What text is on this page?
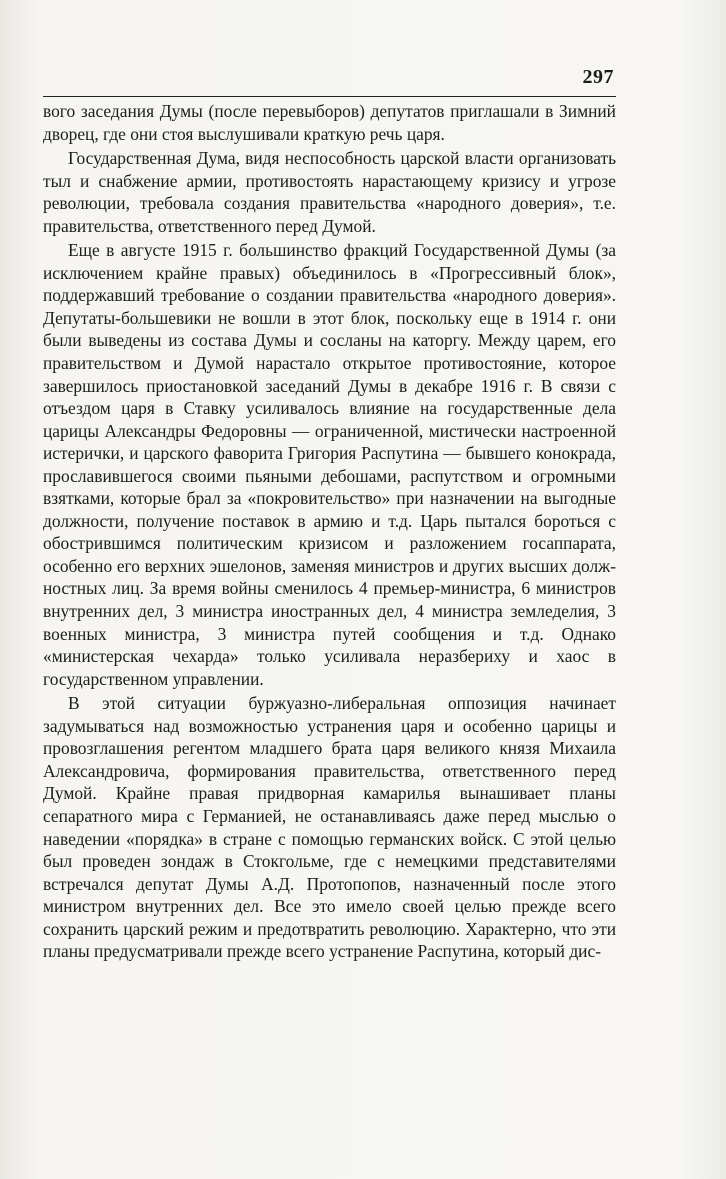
297

вого заседания Думы (после перевыборов) депутатов приглашали в Зимний дворец, где они стоя выслушивали краткую речь царя.

Государственная Дума, видя неспособность царской власти организовать тыл и снабжение армии, противостоять нарастающему кризису и угрозе революции, требовала создания правительства «народного доверия», т.е. правительства, ответственного перед Думой.

Еще в августе 1915 г. большинство фракций Государственной Думы (за исключением крайне правых) объединилось в «Прогрессивный блок», поддержавший требование о создании правительства «народного доверия». Депутаты-большевики не вошли в этот блок, поскольку еще в 1914 г. они были выведены из состава Думы и сосланы на каторгу. Между царем, его правительством и Думой нарастало открытое противостояние, которое завершилось приостановкой заседаний Думы в декабре 1916 г. В связи с отъездом царя в Ставку усиливалось влияние на государственные дела царицы Александры Федоровны — ограниченной, мистически настроенной истерички, и царского фаворита Григория Распутина — бывшего конокрада, прославившегося своими пьяными дебошами, распутством и огромными взятками, которые брал за «покровительство» при назначении на выгодные должности, получение поставок в армию и т.д. Царь пытался бороться с обострившимся политическим кризисом и разложением госаппарата, особенно его верхних эшелонов, заменяя министров и других высших должностных лиц. За время войны сменилось 4 премьер-министра, 6 министров внутренних дел, 3 министра иностранных дел, 4 министра земледелия, 3 военных министра, 3 министра путей сообщения и т.д. Однако «министерская чехарда» только усиливала неразбериху и хаос в государственном управлении.

В этой ситуации буржуазно-либеральная оппозиция начинает задумываться над возможностью устранения царя и особенно царицы и провозглашения регентом младшего брата царя великого князя Михаила Александровича, формирования правительства, ответственного перед Думой. Крайне правая придворная камарилья вынашивает планы сепаратного мира с Германией, не останавливаясь даже перед мыслью о наведении «порядка» в стране с помощью германских войск. С этой целью был проведен зондаж в Стокгольме, где с немецкими представителями встречался депутат Думы А.Д. Протопопов, назначенный после этого министром внутренних дел. Все это имело своей целью прежде всего сохранить царский режим и предотвратить революцию. Характерно, что эти планы предусматривали прежде всего устранение Распутина, который дис-
